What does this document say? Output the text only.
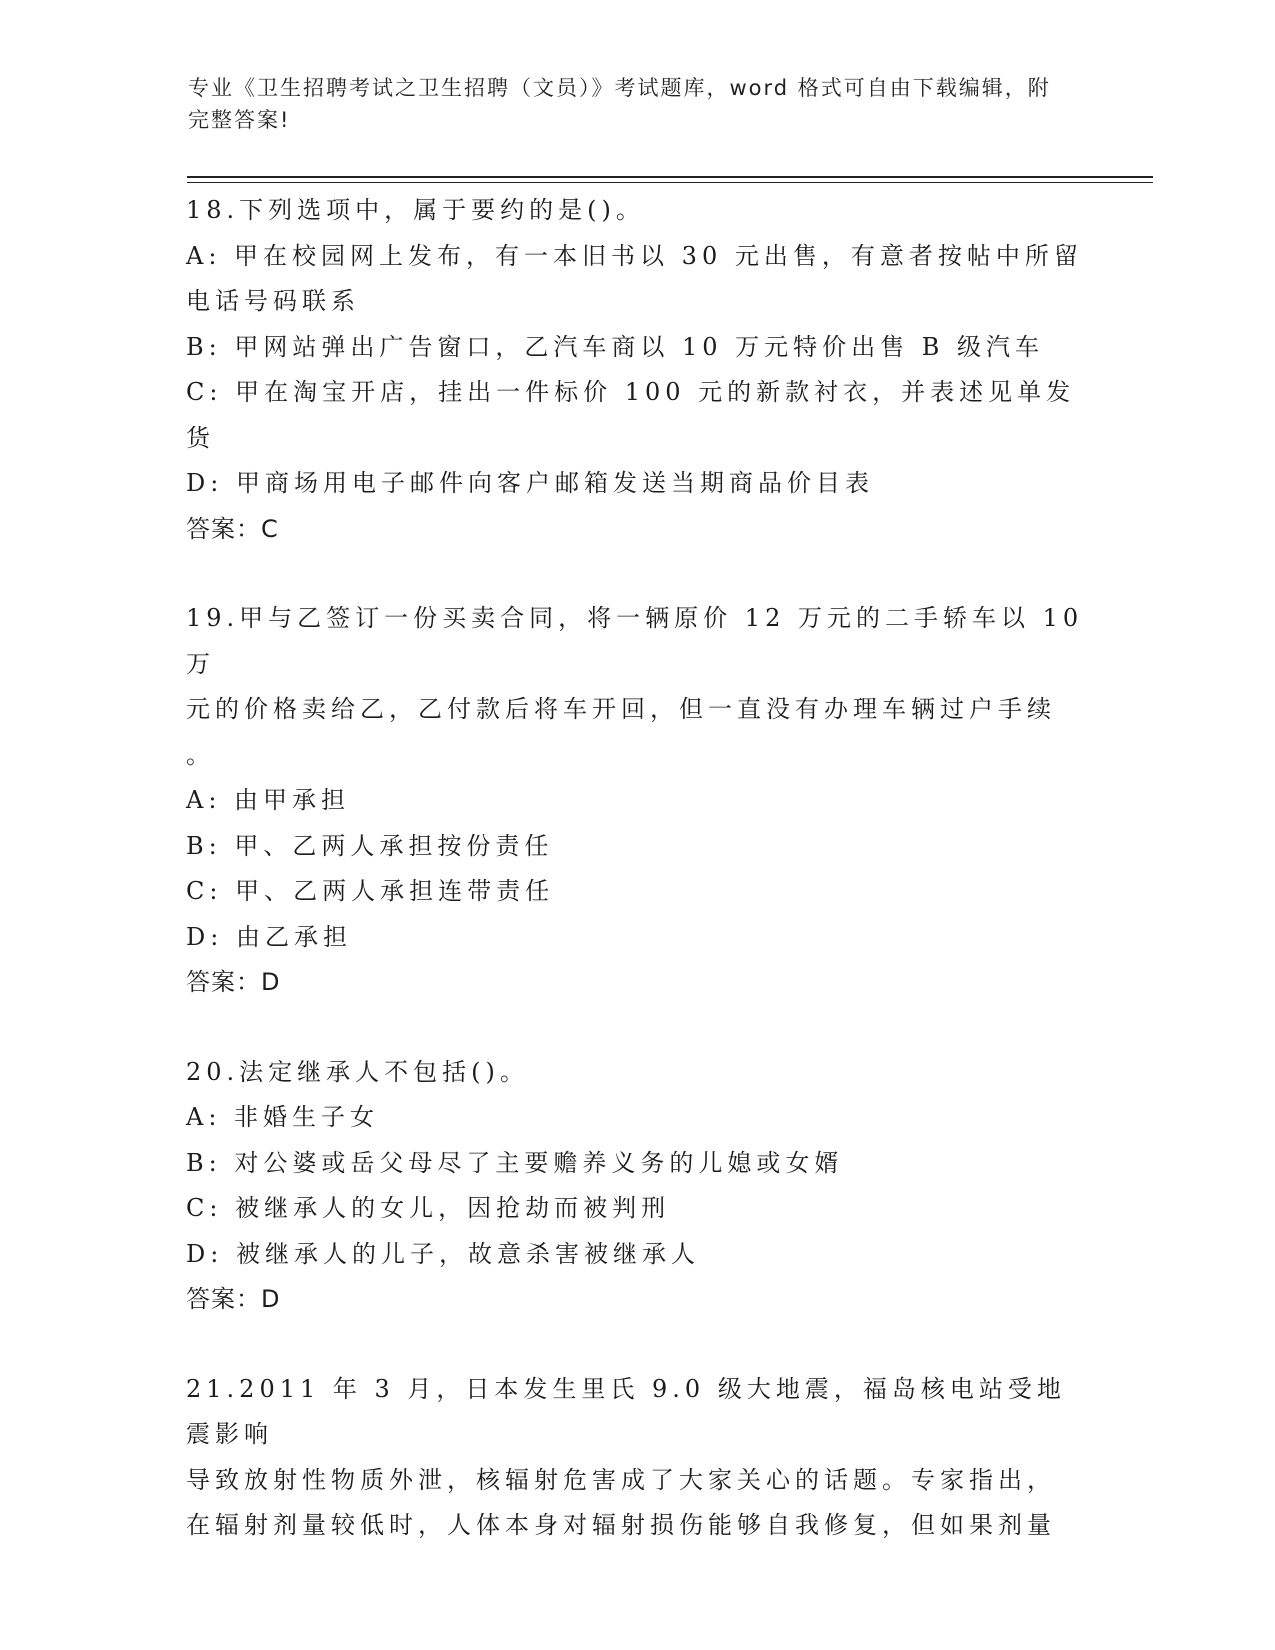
专业《卫生招聘考试之卫生招聘（文员）》考试题库，word 格式可自由下载编辑，附完整答案!
18.下列选项中，属于要约的是()。
A: 甲在校园网上发布，有一本旧书以 30 元出售，有意者按帖中所留
电话号码联系
B: 甲网站弹出广告窗口，乙汽车商以 10 万元特价出售 B 级汽车
C: 甲在淘宝开店，挂出一件标价 100 元的新款衬衣，并表述见单发货
D: 甲商场用电子邮件向客户邮箱发送当期商品价目表
答案：C
19.甲与乙签订一份买卖合同，将一辆原价 12 万元的二手轿车以 10 万
元的价格卖给乙，乙付款后将车开回，但一直没有办理车辆过户手续
。
A: 由甲承担
B: 甲、乙两人承担按份责任
C: 甲、乙两人承担连带责任
D: 由乙承担
答案：D
20.法定继承人不包括()。
A: 非婚生子女
B: 对公婆或岳父母尽了主要赡养义务的儿媳或女婿
C: 被继承人的女儿，因抢劫而被判刑
D: 被继承人的儿子，故意杀害被继承人
答案：D
21.2011 年 3 月，日本发生里氏 9.0 级大地震，福岛核电站受地震影响
导致放射性物质外泄，核辐射危害成了大家关心的话题。专家指出，
在辐射剂量较低时，人体本身对辐射损伤能够自我修复，但如果剂量
